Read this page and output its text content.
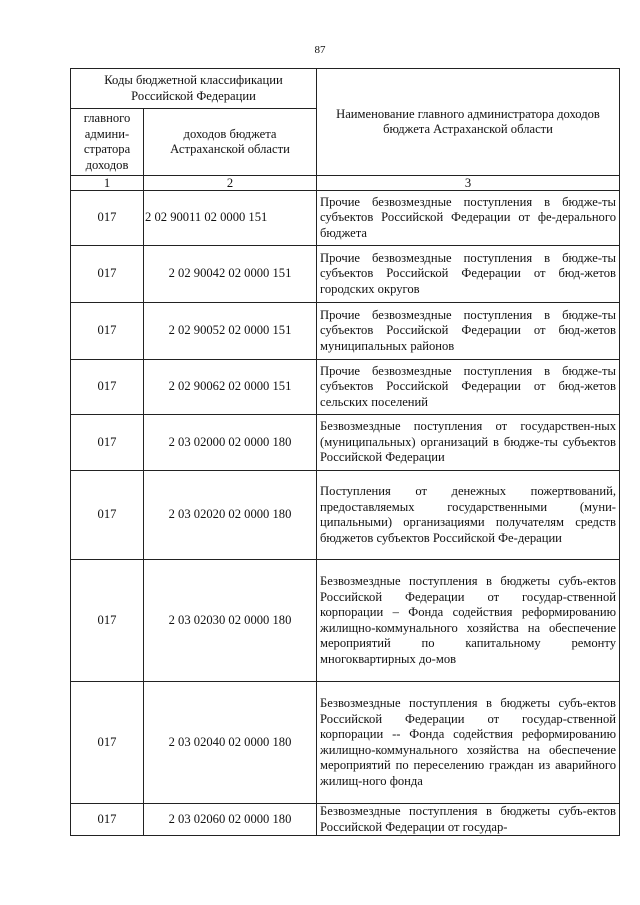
87
Коды бюджетной классификации Российской Федерации		Наименование главного администратора доходов бюджета Астраханской области
главного админи-стратора доходов	доходов бюджета Астраханской области	
1	2	3
017	2 02 90011 02 0000 151	Прочие безвозмездные поступления в бюдже-ты субъектов Российской Федерации от фе-дерального бюджета
017	2 02 90042 02 0000 151	Прочие безвозмездные поступления в бюдже-ты субъектов Российской Федерации от бюд-жетов городских округов
017	2 02 90052 02 0000 151	Прочие безвозмездные поступления в бюдже-ты субъектов Российской Федерации от бюд-жетов муниципальных районов
017	2 02 90062 02 0000 151	Прочие безвозмездные поступления в бюдже-ты субъектов Российской Федерации от бюд-жетов сельских поселений
017	2 03 02000 02 0000 180	Безвозмездные поступления от государствен-ных (муниципальных) организаций в бюдже-ты субъектов Российской Федерации
017	2 03 02020 02 0000 180	Поступления от денежных пожертвований, предоставляемых государственными (муни-ципальными) организациями получателям средств бюджетов субъектов Российской Фе-дерации
017	2 03 02030 02 0000 180	Безвозмездные поступления в бюджеты субъ-ектов Российской Федерации от государ-ственной корпорации – Фонда содействия реформированию жилищно-коммунального хозяйства на обеспечение мероприятий по капитальному ремонту многоквартирных до-мов
017	2 03 02040 02 0000 180	Безвозмездные поступления в бюджеты субъ-ектов Российской Федерации от государ-ственной корпорации -- Фонда содействия реформированию жилищно-коммунального хозяйства на обеспечение мероприятий по переселению граждан из аварийного жилищ-ного фонда
017	2 03 02060 02 0000 180	Безвозмездные поступления в бюджеты субъ-ектов Российской Федерации от государ-
